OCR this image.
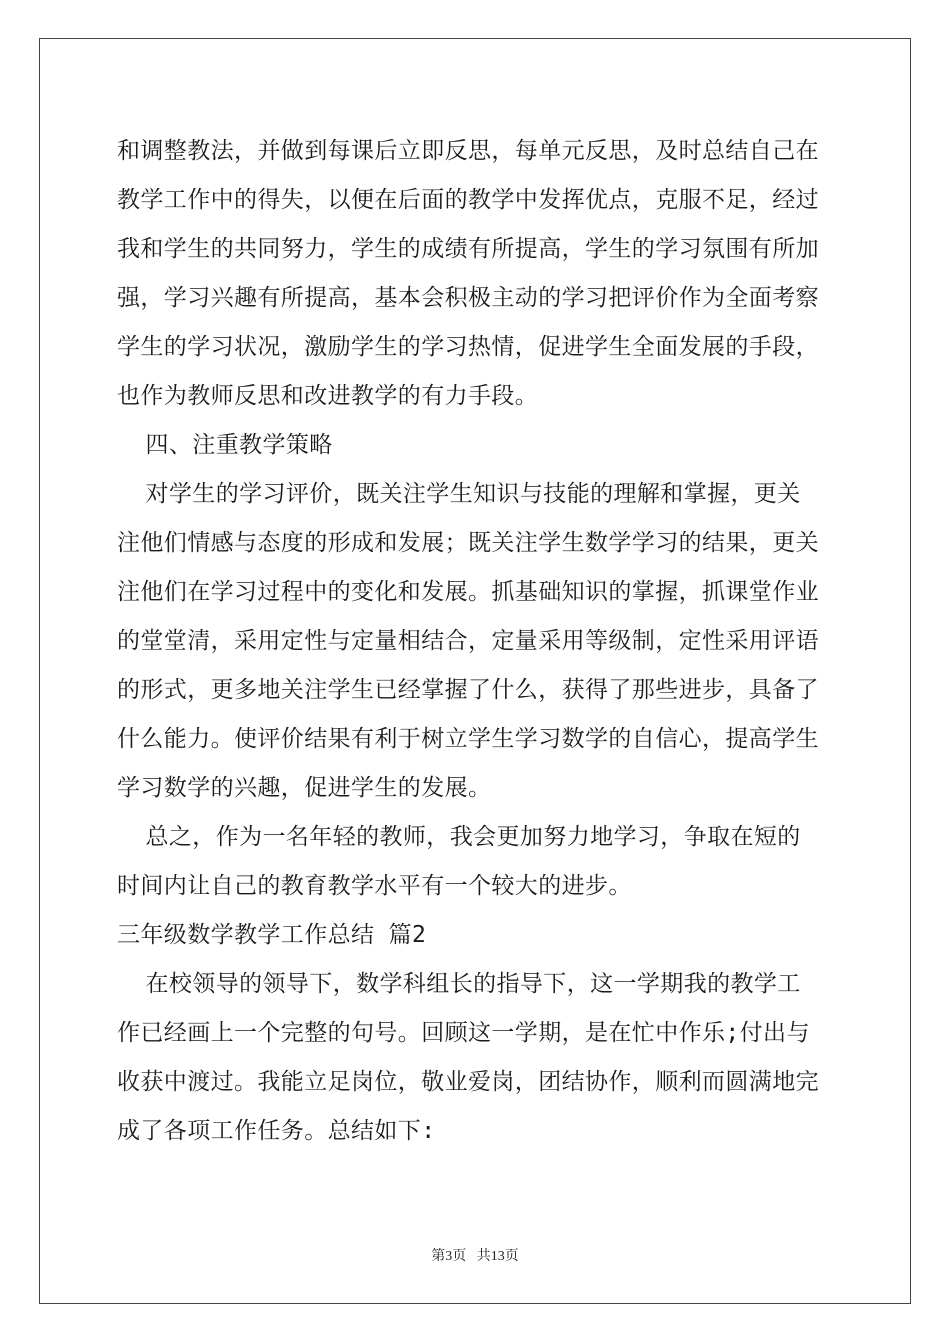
和调整教法，并做到每课后立即反思，每单元反思，及时总结自己在
教学工作中的得失，以便在后面的教学中发挥优点，克服不足，经过
我和学生的共同努力，学生的成绩有所提高，学生的学习氛围有所加
强，学习兴趣有所提高，基本会积极主动的学习把评价作为全面考察
学生的学习状况，激励学生的学习热情，促进学生全面发展的手段，
也作为教师反思和改进教学的有力手段。
四、注重教学策略
对学生的学习评价，既关注学生知识与技能的理解和掌握，更关
注他们情感与态度的形成和发展；既关注学生数学学习的结果，更关
注他们在学习过程中的变化和发展。抓基础知识的掌握，抓课堂作业
的堂堂清，采用定性与定量相结合，定量采用等级制，定性采用评语
的形式，更多地关注学生已经掌握了什么，获得了那些进步，具备了
什么能力。使评价结果有利于树立学生学习数学的自信心，提高学生
学习数学的兴趣，促进学生的发展。
总之，作为一名年轻的教师，我会更加努力地学习，争取在短的
时间内让自己的教育教学水平有一个较大的进步。
三年级数学教学工作总结 篇2
在校领导的领导下，数学科组长的指导下，这一学期我的教学工
作已经画上一个完整的句号。回顾这一学期，是在忙中作乐;付出与
收获中渡过。我能立足岗位，敬业爱岗，团结协作，顺利而圆满地完
成了各项工作任务。总结如下:
第3页 共13页
